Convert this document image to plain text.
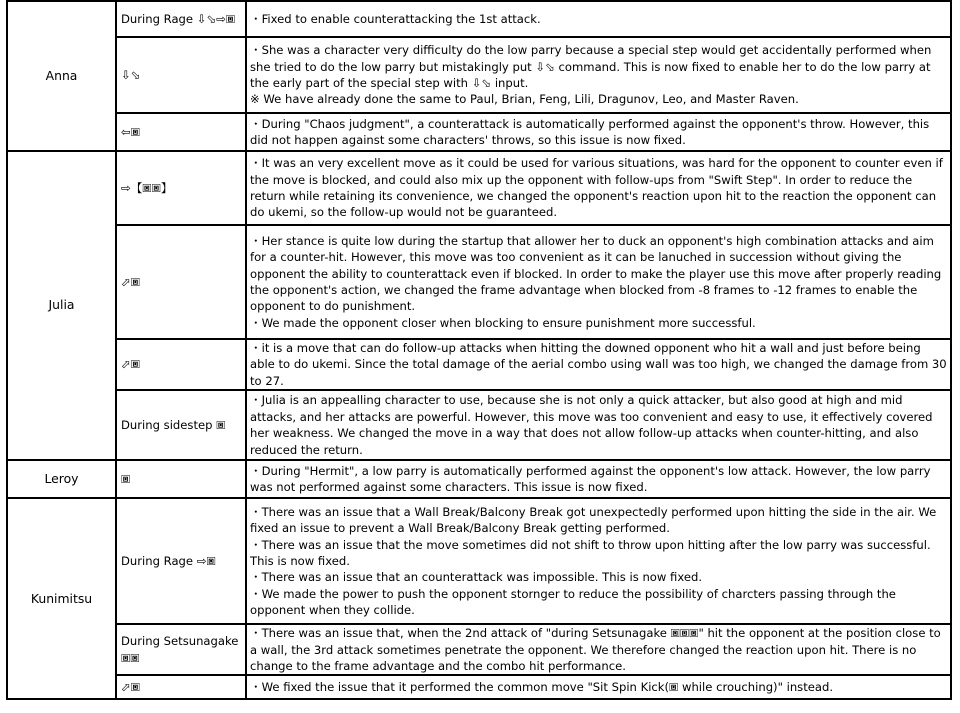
Anna	During Rage ⇩⬂⇨🞖	・Fixed to enable counterattacking the 1st attack.

	⇩⬂	・She was a character very difficulty do the low parry because a special step would get accidentally performed when she tried to do the low parry but mistakingly put ⇩⬂ command. This is now fixed to enable her to do the low parry at the early part of the special step with ⇩⬂ input.
※ We have already done the same to Paul, Brian, Feng, Lili, Dragunov, Leo, and Master Raven.

	⇦🞖	・During "Chaos judgment", a counterattack is automatically performed against the opponent's throw. However, this did not happen against some characters' throws, so this issue is now fixed.

Julia	⇨【🞖🞖】	・It was an very excellent move as it could be used for various situations, was hard for the opponent to counter even if the move is blocked, and could also mix up the opponent with follow-ups from "Swift Step". In order to reduce the return while retaining its convenience, we changed the opponent's reaction upon hit to the reaction the opponent can do ukemi, so the follow-up would not be guaranteed.

	⬀🞖	・Her stance is quite low during the startup that allower her to duck an opponent's high combination attacks and aim for a counter-hit. However, this move was too convenient as it can be lanuched in succession without giving the opponent the ability to counterattack even if blocked. In order to make the player use this move after properly reading the opponent's action, we changed the frame advantage when blocked from -8 frames to -12 frames to enable the opponent to do punishment.
・We made the opponent closer when blocking to ensure punishment more successful.

	⬀🞖	・it is a move that can do follow-up attacks when hitting the downed opponent who hit a wall and just before being able to do ukemi. Since the total damage of the aerial combo using wall was too high, we changed the damage from 30 to 27.

	During sidestep 🞖	・Julia is an appealling character to use, because she is not only a quick attacker, but also good at high and mid attacks, and her attacks are powerful. However, this move was too convenient and easy to use, it effectively covered her weakness. We changed the move in a way that does not allow follow-up attacks when counter-hitting, and also reduced the return.

Leroy	🞖	・During "Hermit", a low parry is automatically performed against the opponent's low attack. However, the low parry was not performed against some characters. This issue is now fixed.

Kunimitsu	During Rage ⇨🞖	・There was an issue that a Wall Break/Balcony Break got unexpectedly performed upon hitting the side in the air. We fixed an issue to prevent a Wall Break/Balcony Break getting performed.
・There was an issue that the move sometimes did not shift to throw upon hitting after the low parry was successful. This is now fixed.
・There was an issue that an counterattack was impossible. This is now fixed.
・We made the power to push the opponent stornger to reduce the possibility of charcters passing through the opponent when they collide.

	During Setsunagake 🞖🞖	・There was an issue that, when the 2nd attack of "during Setsunagake 🞖🞖🞖" hit the opponent at the position close to a wall, the 3rd attack sometimes penetrate the opponent. We therefore changed the reaction upon hit. There is no change to the frame advantage and the combo hit performance.

	⬀🞖	・We fixed the issue that it performed the common move "Sit Spin Kick(🞖 while crouching)" instead.
